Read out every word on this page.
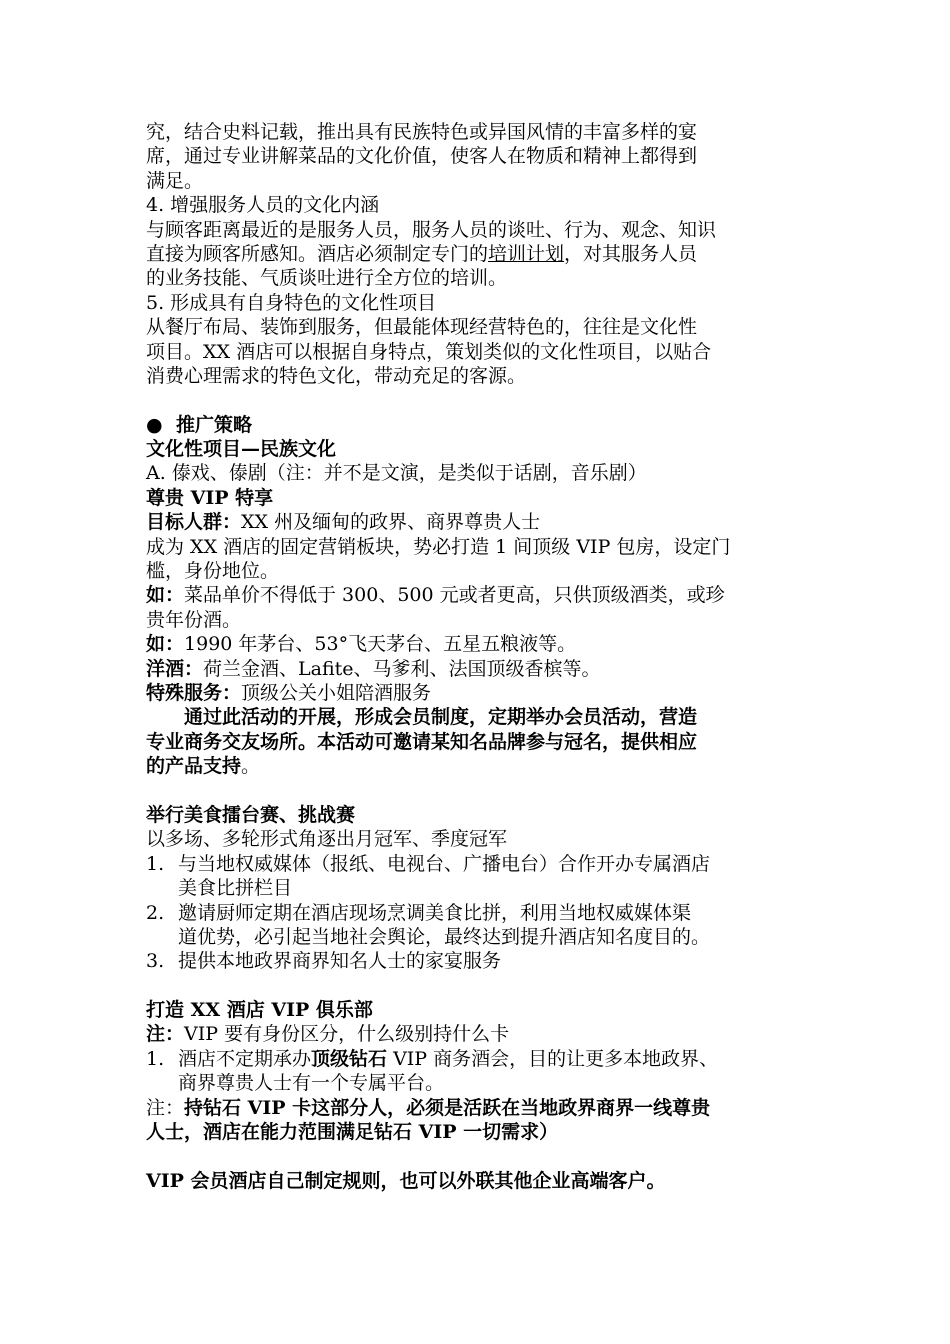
究，结合史料记载，推出具有民族特色或异国风情的丰富多样的宴
席，通过专业讲解菜品的文化价值，使客人在物质和精神上都得到
满足。
4. 增强服务人员的文化内涵
与顾客距离最近的是服务人员，服务人员的谈吐、行为、观念、知识
直接为顾客所感知。酒店必须制定专门的培训计划，对其服务人员
的业务技能、气质谈吐进行全方位的培训。
5. 形成具有自身特色的文化性项目
从餐厅布局、装饰到服务，但最能体现经营特色的，往往是文化性
项目。XX 酒店可以根据自身特点，策划类似的文化性项目，以贴合
消费心理需求的特色文化，带动充足的客源。
● 推广策略
文化性项目—民族文化
A. 傣戏、傣剧（注：并不是文演，是类似于话剧，音乐剧）
尊贵 VIP 特享
目标人群：XX 州及缅甸的政界、商界尊贵人士
成为 XX 酒店的固定营销板块，势必打造 1 间顶级 VIP 包房，设定门
槛，身份地位。
如：菜品单价不得低于 300、500 元或者更高，只供顶级酒类，或珍
贵年份酒。
如：1990 年茅台、53°飞天茅台、五星五粮液等。
洋酒：荷兰金酒、Lafite、马爹利、法国顶级香槟等。
特殊服务：顶级公关小姐陪酒服务
通过此活动的开展，形成会员制度，定期举办会员活动，营造
专业商务交友场所。本活动可邀请某知名品牌参与冠名，提供相应
的产品支持。
举行美食擂台赛、挑战赛
以多场、多轮形式角逐出月冠军、季度冠军
1. 与当地权威媒体（报纸、电视台、广播电台）合作开办专属酒店
美食比拼栏目
2. 邀请厨师定期在酒店现场烹调美食比拼，利用当地权威媒体渠
道优势，必引起当地社会舆论，最终达到提升酒店知名度目的。
3. 提供本地政界商界知名人士的家宴服务
打造 XX 酒店 VIP 俱乐部
注：VIP 要有身份区分，什么级别持什么卡
1. 酒店不定期承办顶级钻石 VIP 商务酒会，目的让更多本地政界、
商界尊贵人士有一个专属平台。
注：持钻石 VIP 卡这部分人，必须是活跃在当地政界商界一线尊贵
人士，酒店在能力范围满足钻石 VIP 一切需求）
VIP 会员酒店自己制定规则，也可以外联其他企业高端客户。
